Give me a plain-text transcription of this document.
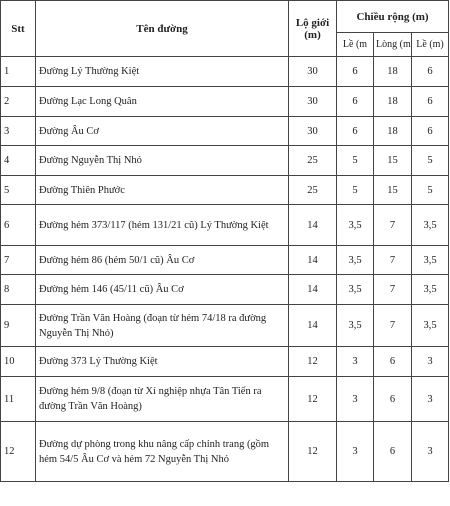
Stt	Tên đường	Lộ giới (m)	Chiều rộng (m)		
			Lề (m	Lòng (m	Lề (m)
1	Đường Lý Thường Kiệt	30	6	18	6
2	Đường Lạc Long Quân	30	6	18	6
3	Đường Âu Cơ	30	6	18	6
4	Đường Nguyễn Thị Nhỏ	25	5	15	5
5	Đường Thiên Phước	25	5	15	5
6	Đường hẻm 373/117 (hẻm 131/21 cũ) Lý Thường Kiệt	14	3,5	7	3,5
7	Đường hẻm 86 (hẻm 50/1 cũ) Âu Cơ	14	3,5	7	3,5
8	Đường hẻm 146 (45/11 cũ) Âu Cơ	14	3,5	7	3,5
9	Đường Trần Văn Hoàng (đoạn từ hẻm 74/18 ra đường Nguyễn Thị Nhỏ)	14	3,5	7	3,5
10	Đường 373 Lý Thường Kiệt	12	3	6	3
11	Đường hẻm 9/8 (đoạn từ Xí nghiệp nhựa Tân Tiến ra đường Trần Văn Hoàng)	12	3	6	3
12	Đường dự phòng trong khu nâng cấp chỉnh trang (gồm hẻm 54/5 Âu Cơ và hẻm 72 Nguyễn Thị Nhỏ	12	3	6	3
